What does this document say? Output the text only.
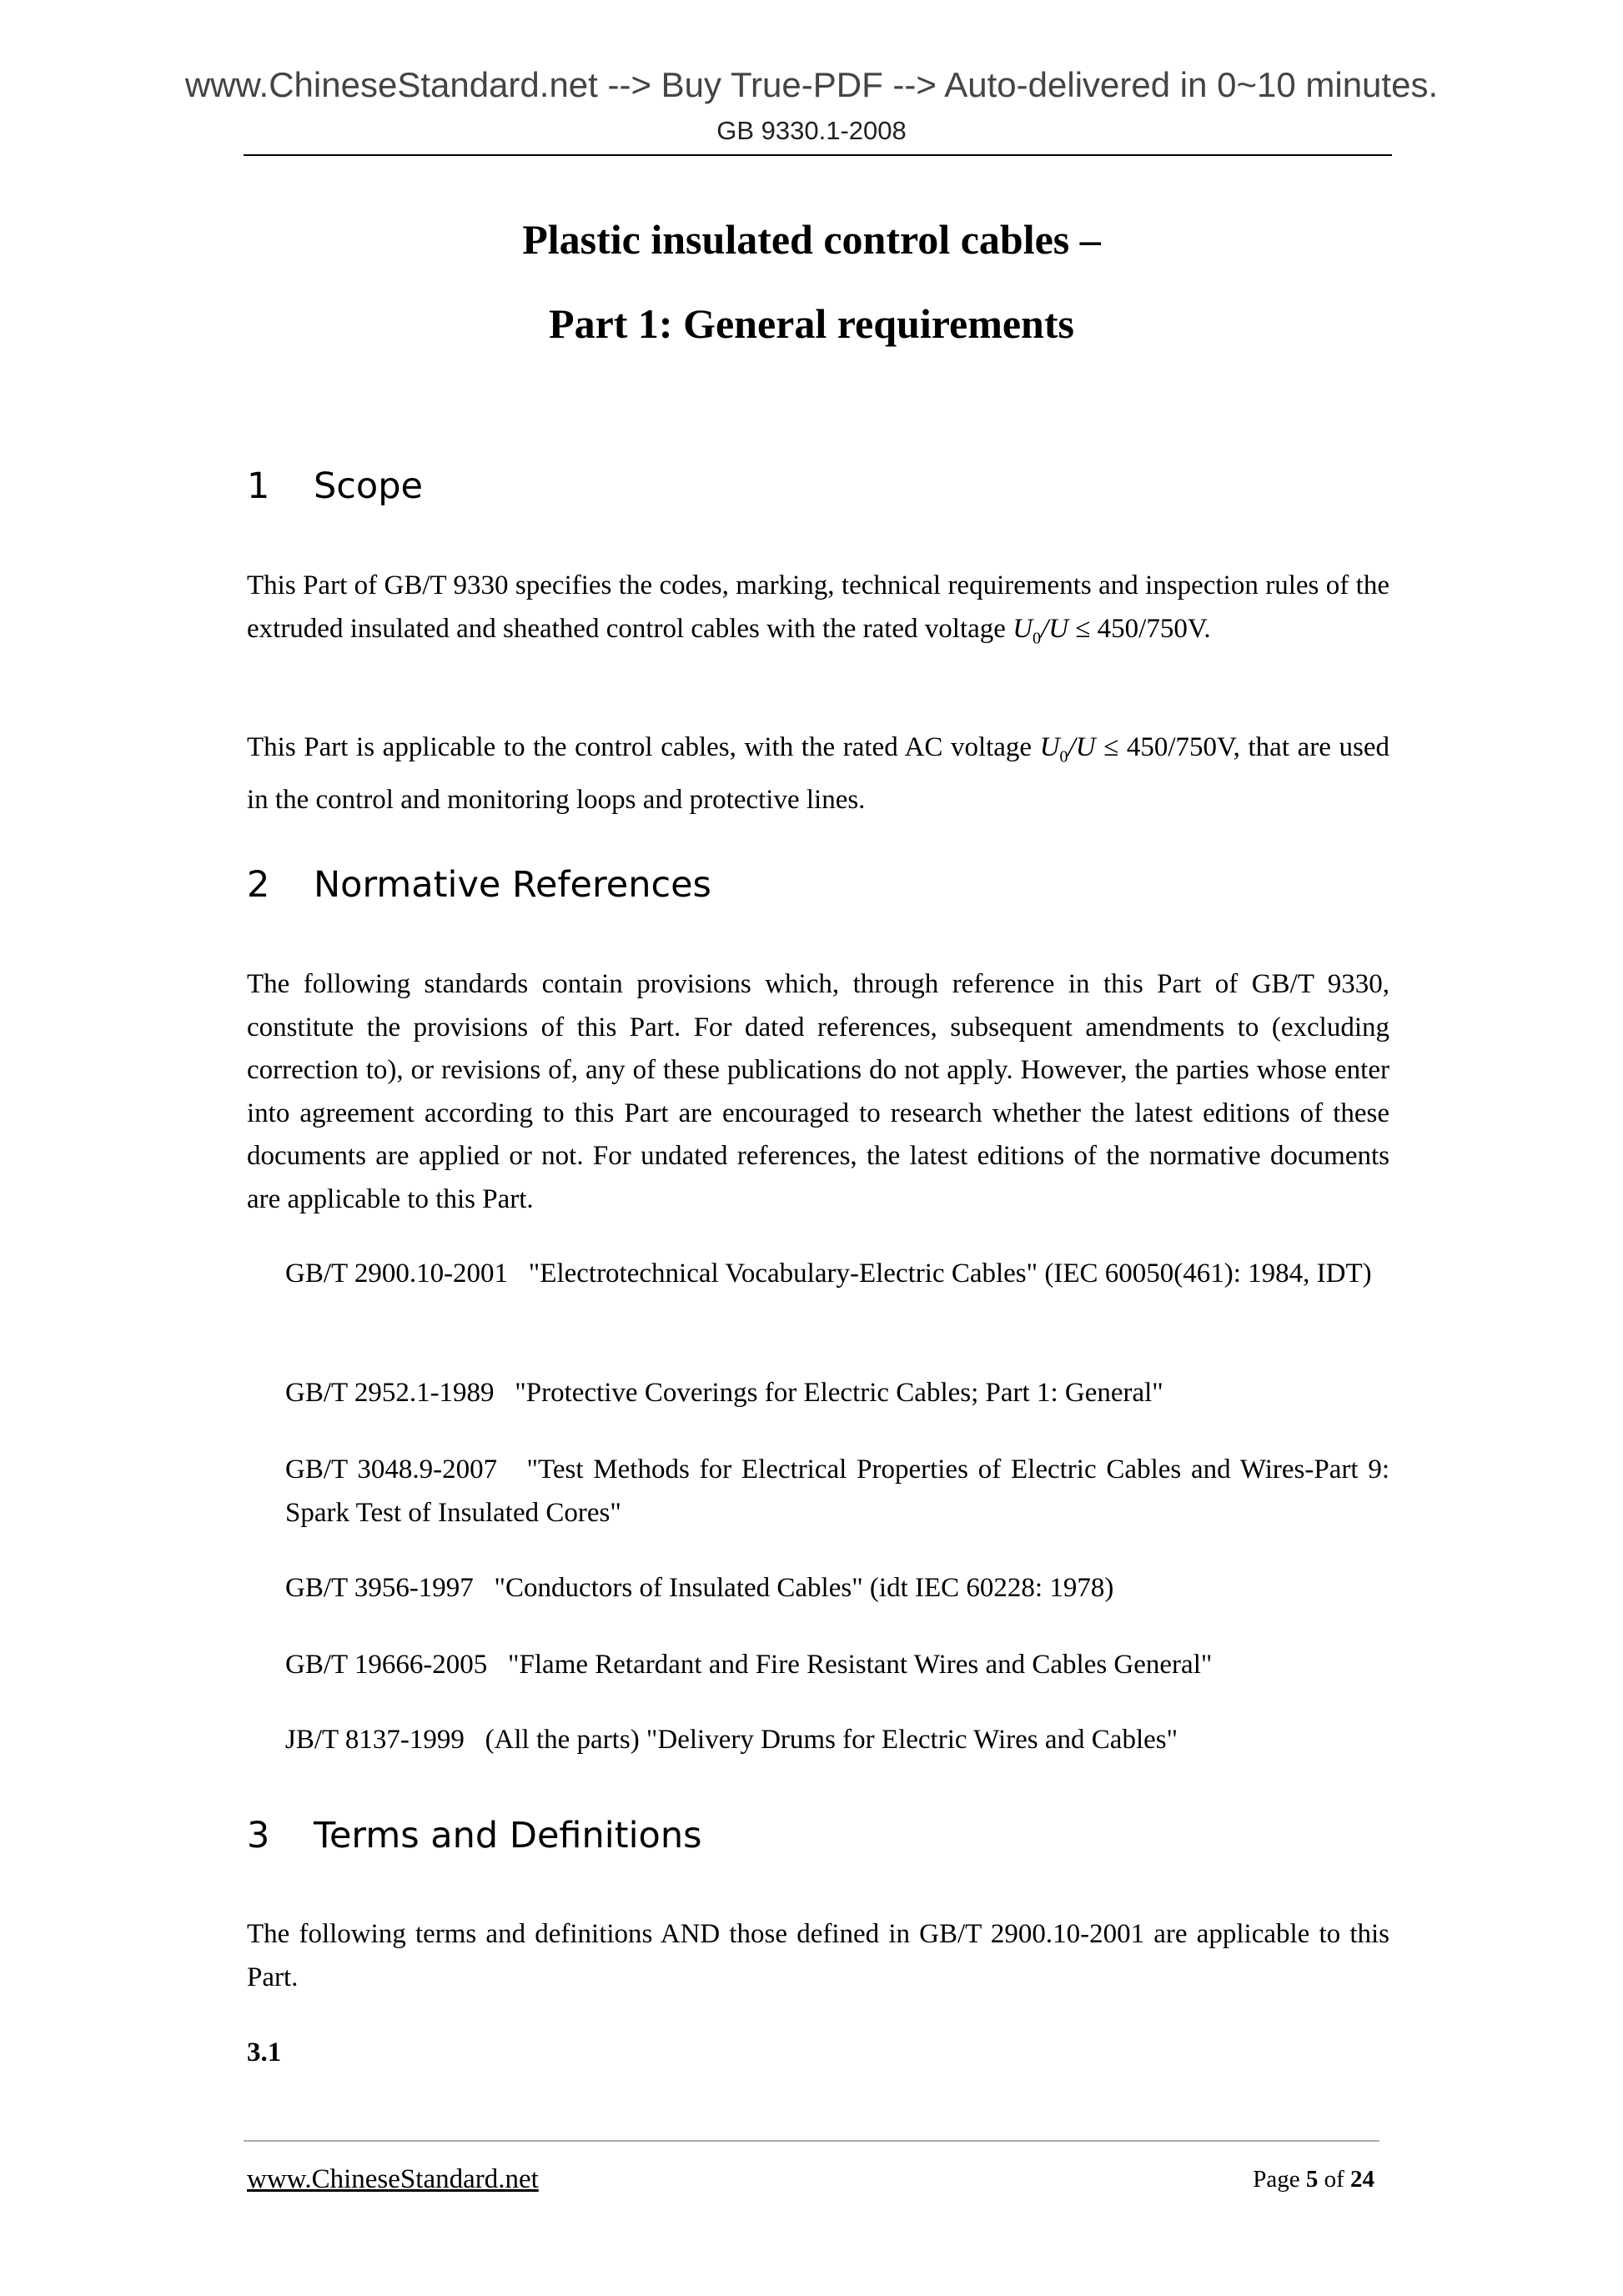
www.ChineseStandard.net --> Buy True-PDF --> Auto-delivered in 0~10 minutes.
GB 9330.1-2008
Plastic insulated control cables –
Part 1: General requirements
1 Scope
This Part of GB/T 9330 specifies the codes, marking, technical requirements and inspection rules of the extruded insulated and sheathed control cables with the rated voltage $U_0/U \le 450/750V$.
This Part is applicable to the control cables, with the rated AC voltage $U_0/U \le 450/750V$, that are used in the control and monitoring loops and protective lines.
2 Normative References
The following standards contain provisions which, through reference in this Part of GB/T 9330, constitute the provisions of this Part. For dated references, subsequent amendments to (excluding correction to), or revisions of, any of these publications do not apply. However, the parties whose enter into agreement according to this Part are encouraged to research whether the latest editions of these documents are applied or not. For undated references, the latest editions of the normative documents are applicable to this Part.
GB/T 2900.10-2001   "Electrotechnical Vocabulary-Electric Cables" (IEC 60050(461): 1984, IDT)
GB/T 2952.1-1989   "Protective Coverings for Electric Cables; Part 1: General"
GB/T 3048.9-2007   "Test Methods for Electrical Properties of Electric Cables and Wires-Part 9: Spark Test of Insulated Cores"
GB/T 3956-1997   "Conductors of Insulated Cables" (idt IEC 60228: 1978)
GB/T 19666-2005   "Flame Retardant and Fire Resistant Wires and Cables General"
JB/T 8137-1999   (All the parts) "Delivery Drums for Electric Wires and Cables"
3 Terms and Definitions
The following terms and definitions AND those defined in GB/T 2900.10-2001 are applicable to this Part.
3.1
www.ChineseStandard.net	Page 5 of 24
